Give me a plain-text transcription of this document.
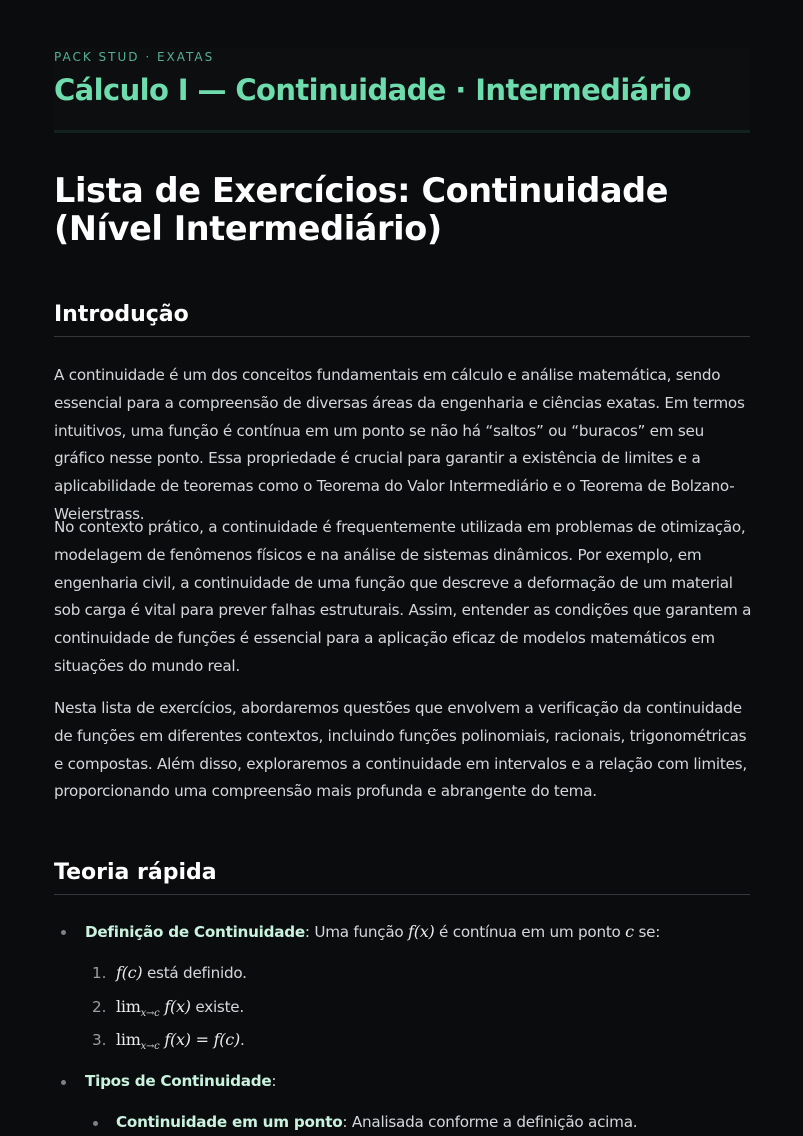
PACK STUD · EXATAS
Cálculo I — Continuidade · Intermediário
Lista de Exercícios: Continuidade (Nível Intermediário)
Introdução

A continuidade é um dos conceitos fundamentais em cálculo e análise matemática, sendo essencial para a compreensão de diversas áreas da engenharia e ciências exatas. Em termos intuitivos, uma função é contínua em um ponto se não há “saltos” ou “buracos” em seu gráfico nesse ponto. Essa propriedade é crucial para garantir a existência de limites e a aplicabilidade de teoremas como o Teorema do Valor Intermediário e o Teorema de Bolzano-Weierstrass.

No contexto prático, a continuidade é frequentemente utilizada em problemas de otimização, modelagem de fenômenos físicos e na análise de sistemas dinâmicos. Por exemplo, em engenharia civil, a continuidade de uma função que descreve a deformação de um material sob carga é vital para prever falhas estruturais. Assim, entender as condições que garantem a continuidade de funções é essencial para a aplicação eficaz de modelos matemáticos em situações do mundo real.

Nesta lista de exercícios, abordaremos questões que envolvem a verificação da continuidade de funções em diferentes contextos, incluindo funções polinomiais, racionais, trigonométricas e compostas. Além disso, exploraremos a continuidade em intervalos e a relação com limites, proporcionando uma compreensão mais profunda e abrangente do tema.

Teoria rápida
Definição de Continuidade: Uma função f(x) é contínua em um ponto c se:
1. f(c) está definido.
2. $\lim_{x\to c} f(x)$ existe.
3. $\lim_{x\to c} f(x) = f(c)$.
Tipos de Continuidade:
Continuidade em um ponto: Analisada conforme a definição acima.
